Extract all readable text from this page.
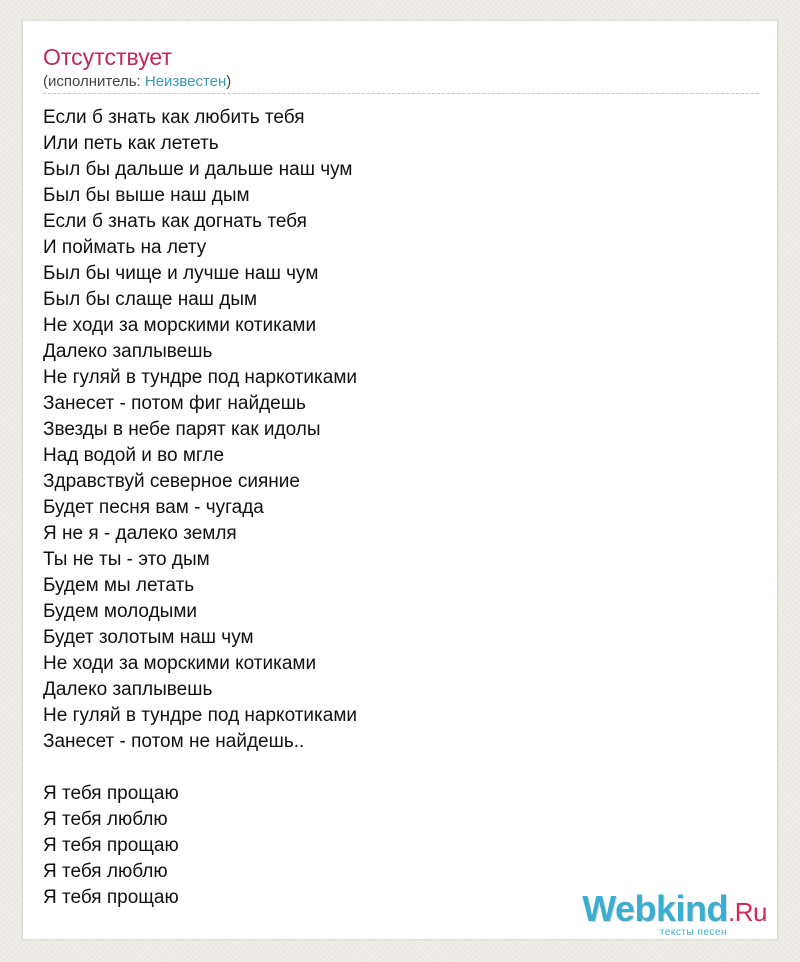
Отсутствует
(исполнитель: Неизвестен)
Если б знать как любить тебя
Или петь как лететь
Был бы дальше и дальше наш чум
Был бы выше наш дым
Если б знать как догнать тебя
И поймать на лету
Был бы чище и лучше наш чум
Был бы слаще наш дым
Не ходи за морскими котиками
Далеко заплывешь
Не гуляй в тундре под наркотиками
Занесет - потом фиг найдешь
Звезды в небе парят как идолы
Над водой и во мгле
Здравствуй северное сияние
Будет песня вам - чугада
Я не я - далеко земля
Ты не ты - это дым
Будем мы летать
Будем молодыми
Будет золотым наш чум
Не ходи за морскими котиками
Далеко заплывешь
Не гуляй в тундре под наркотиками
Занесет - потом не найдешь..
Я тебя прощаю
Я тебя люблю
Я тебя прощаю
Я тебя люблю
Я тебя прощаю	Webkind.Ru
тексты песен
